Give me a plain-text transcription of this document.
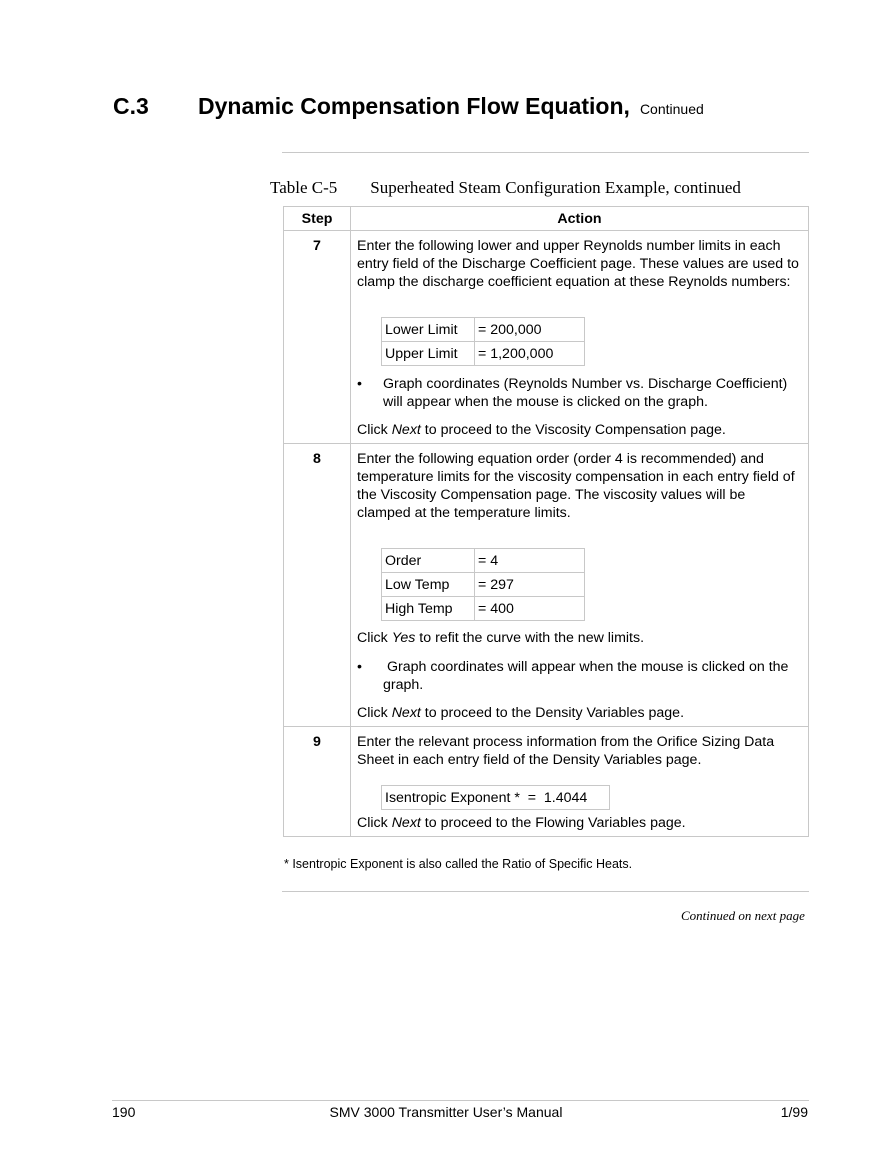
C.3 Dynamic Compensation Flow Equation, Continued
Table C-5 Superheated Steam Configuration Example, continued
Step	Action
7	Enter the following lower and upper Reynolds number limits in each entry field of the Discharge Coefficient page. These values are used to clamp the discharge coefficient equation at these Reynolds numbers:

Lower Limit	= 200,000
Upper Limit	= 1,200,000
•	Graph coordinates (Reynolds Number vs. Discharge Coefficient) will appear when the mouse is clicked on the graph.

Click Next to proceed to the Viscosity Compensation page.

8	Enter the following equation order (order 4 is recommended) and temperature limits for the viscosity compensation in each entry field of the Viscosity Compensation page. The viscosity values will be clamped at the temperature limits.

Order	= 4
Low Temp	= 297
High Temp	= 400

Click Yes to refit the curve with the new limits.

•	Graph coordinates will appear when the mouse is clicked on the graph.

Click Next to proceed to the Density Variables page.

9	Enter the relevant process information from the Orifice Sizing Data Sheet in each entry field of the Density Variables page.

Isentropic Exponent *  =  1.4044

Click Next to proceed to the Flowing Variables page.

* Isentropic Exponent is also called the Ratio of Specific Heats.
Continued on next page
190	SMV 3000 Transmitter User’s Manual	1/99
